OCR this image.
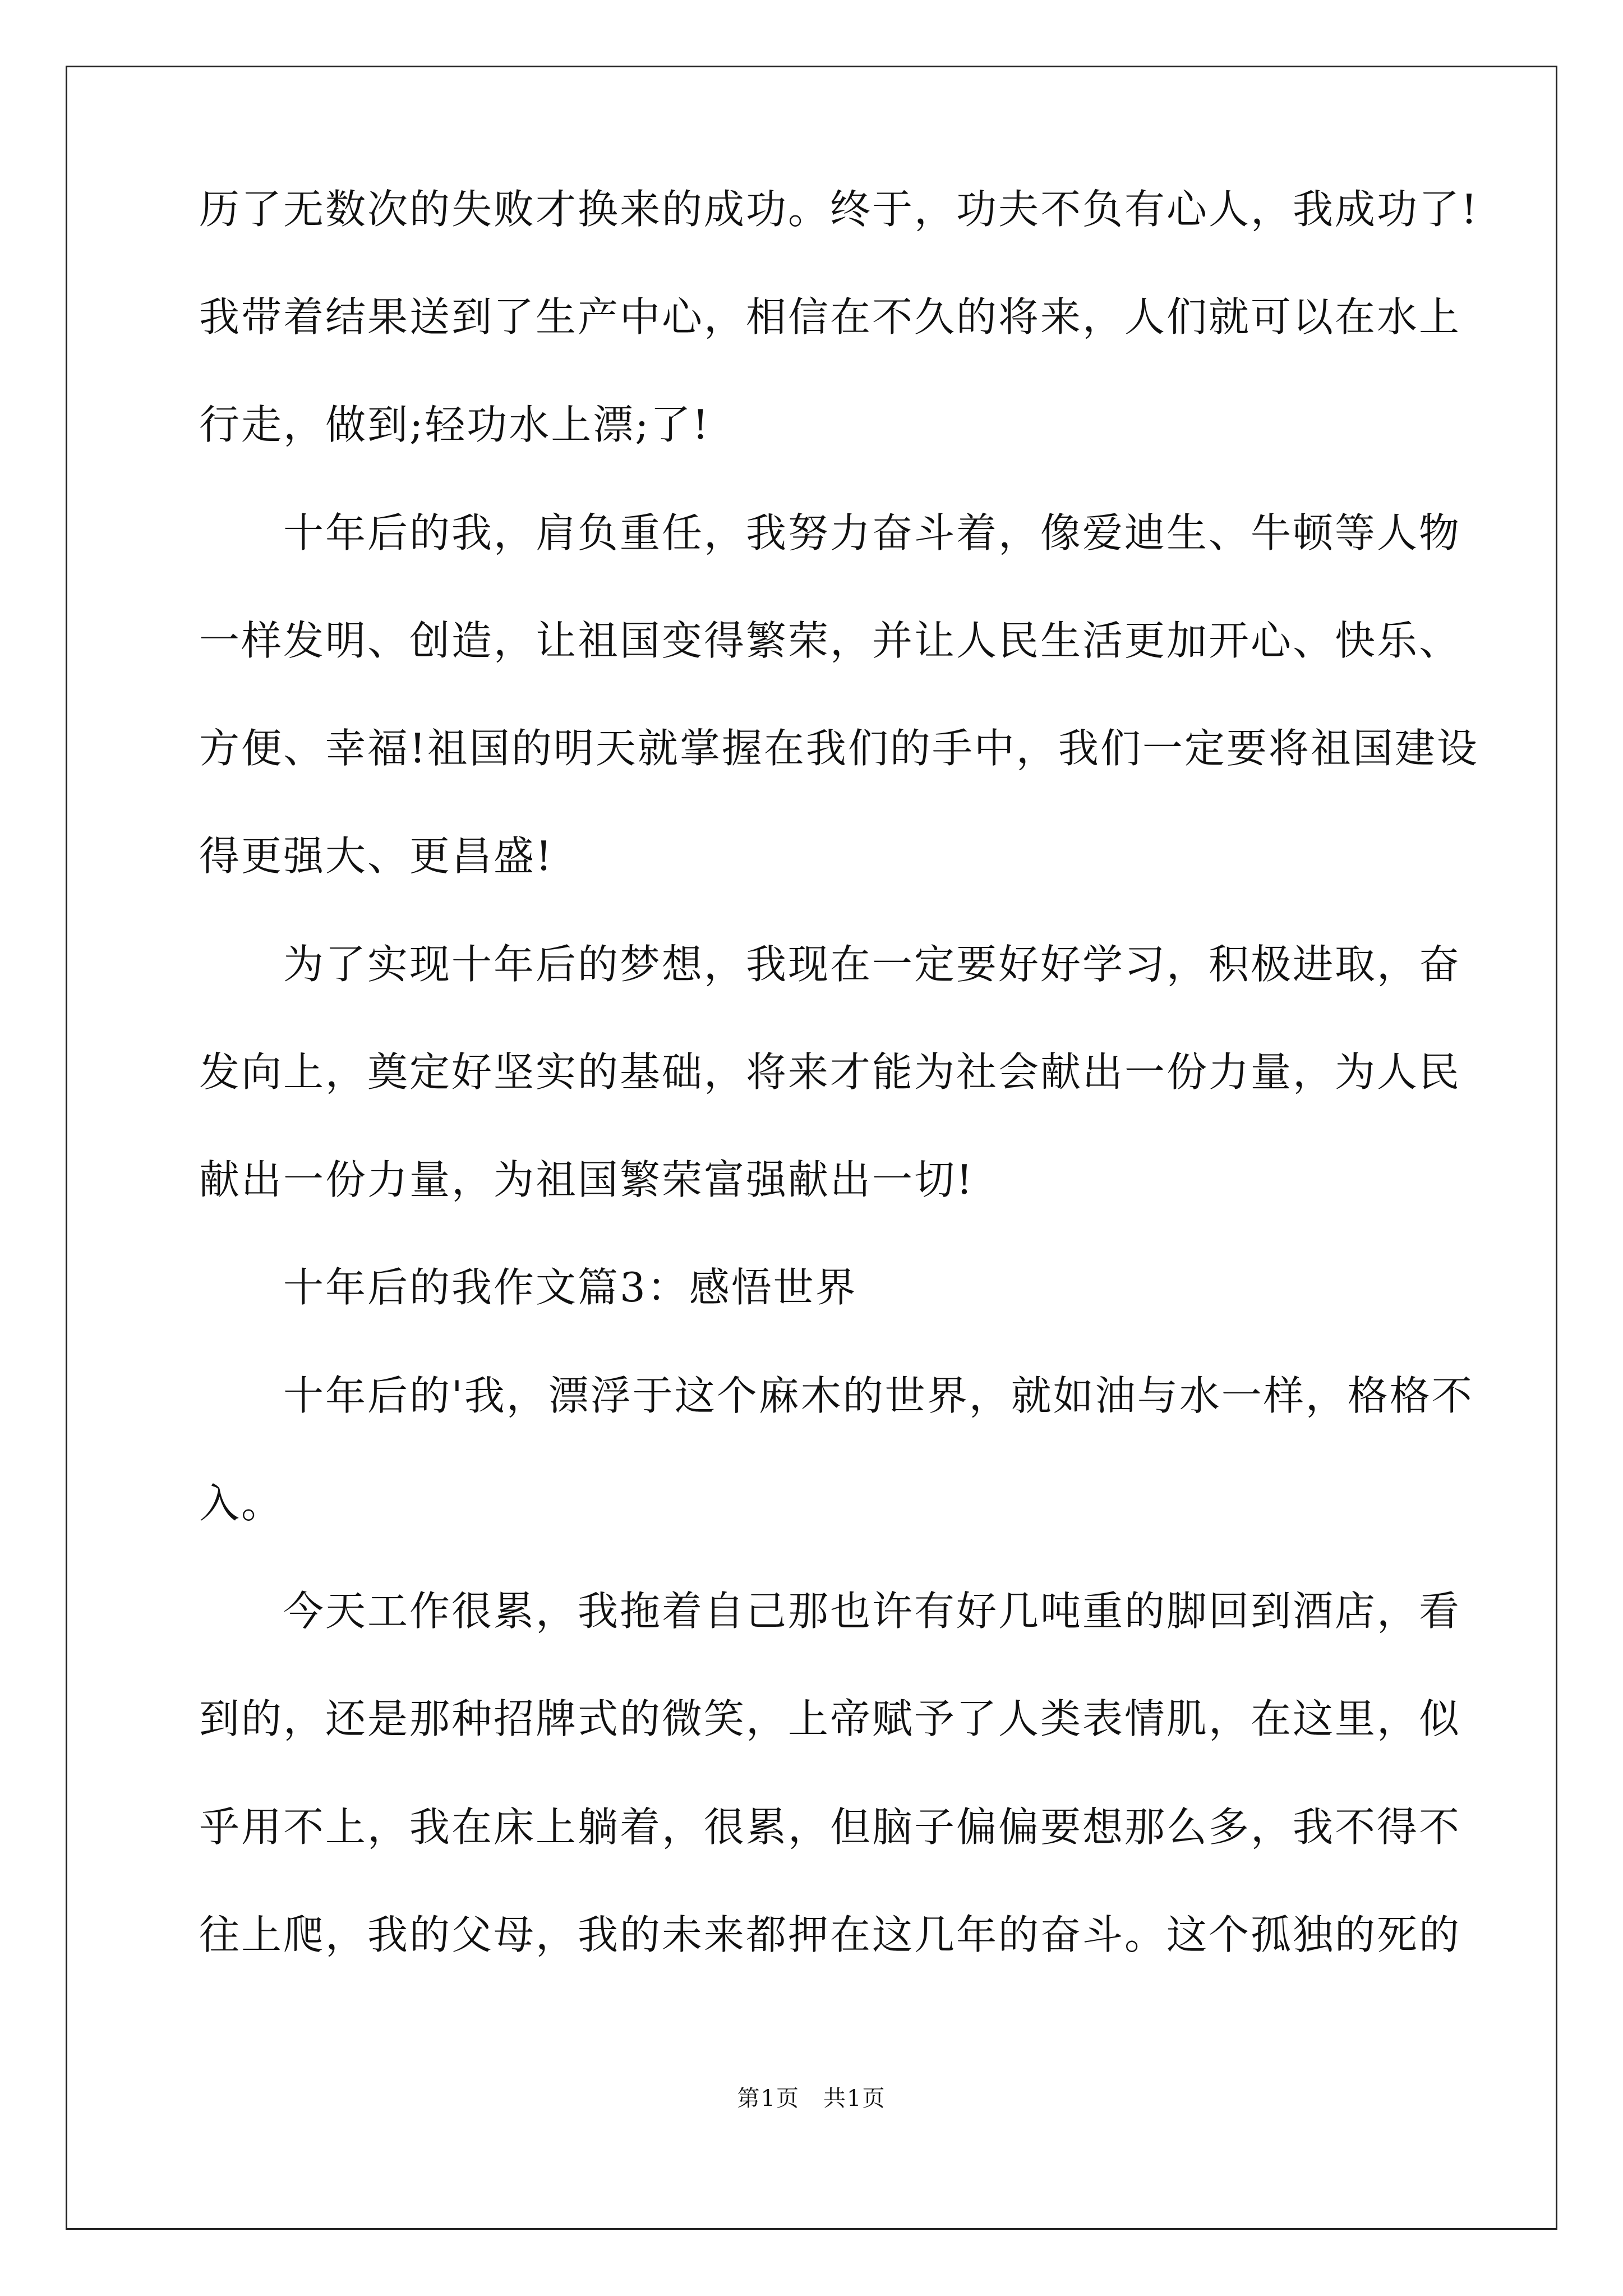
历了无数次的失败才换来的成功。终于，功夫不负有心人，我成功了!

我带着结果送到了生产中心，相信在不久的将来，人们就可以在水上

行走，做到;轻功水上漂;了!

　　十年后的我，肩负重任，我努力奋斗着，像爱迪生、牛顿等人物

一样发明、创造，让祖国变得繁荣，并让人民生活更加开心、快乐、

方便、幸福!祖国的明天就掌握在我们的手中，我们一定要将祖国建设

得更强大、更昌盛!

　　为了实现十年后的梦想，我现在一定要好好学习，积极进取，奋

发向上，奠定好坚实的基础，将来才能为社会献出一份力量，为人民

献出一份力量，为祖国繁荣富强献出一切!

　　十年后的我作文篇3：感悟世界

　　十年后的'我，漂浮于这个麻木的世界，就如油与水一样，格格不

入。

　　今天工作很累，我拖着自己那也许有好几吨重的脚回到酒店，看

到的，还是那种招牌式的微笑，上帝赋予了人类表情肌，在这里，似

乎用不上，我在床上躺着，很累，但脑子偏偏要想那么多，我不得不

往上爬，我的父母，我的未来都押在这几年的奋斗。这个孤独的死的

第1页　共1页
